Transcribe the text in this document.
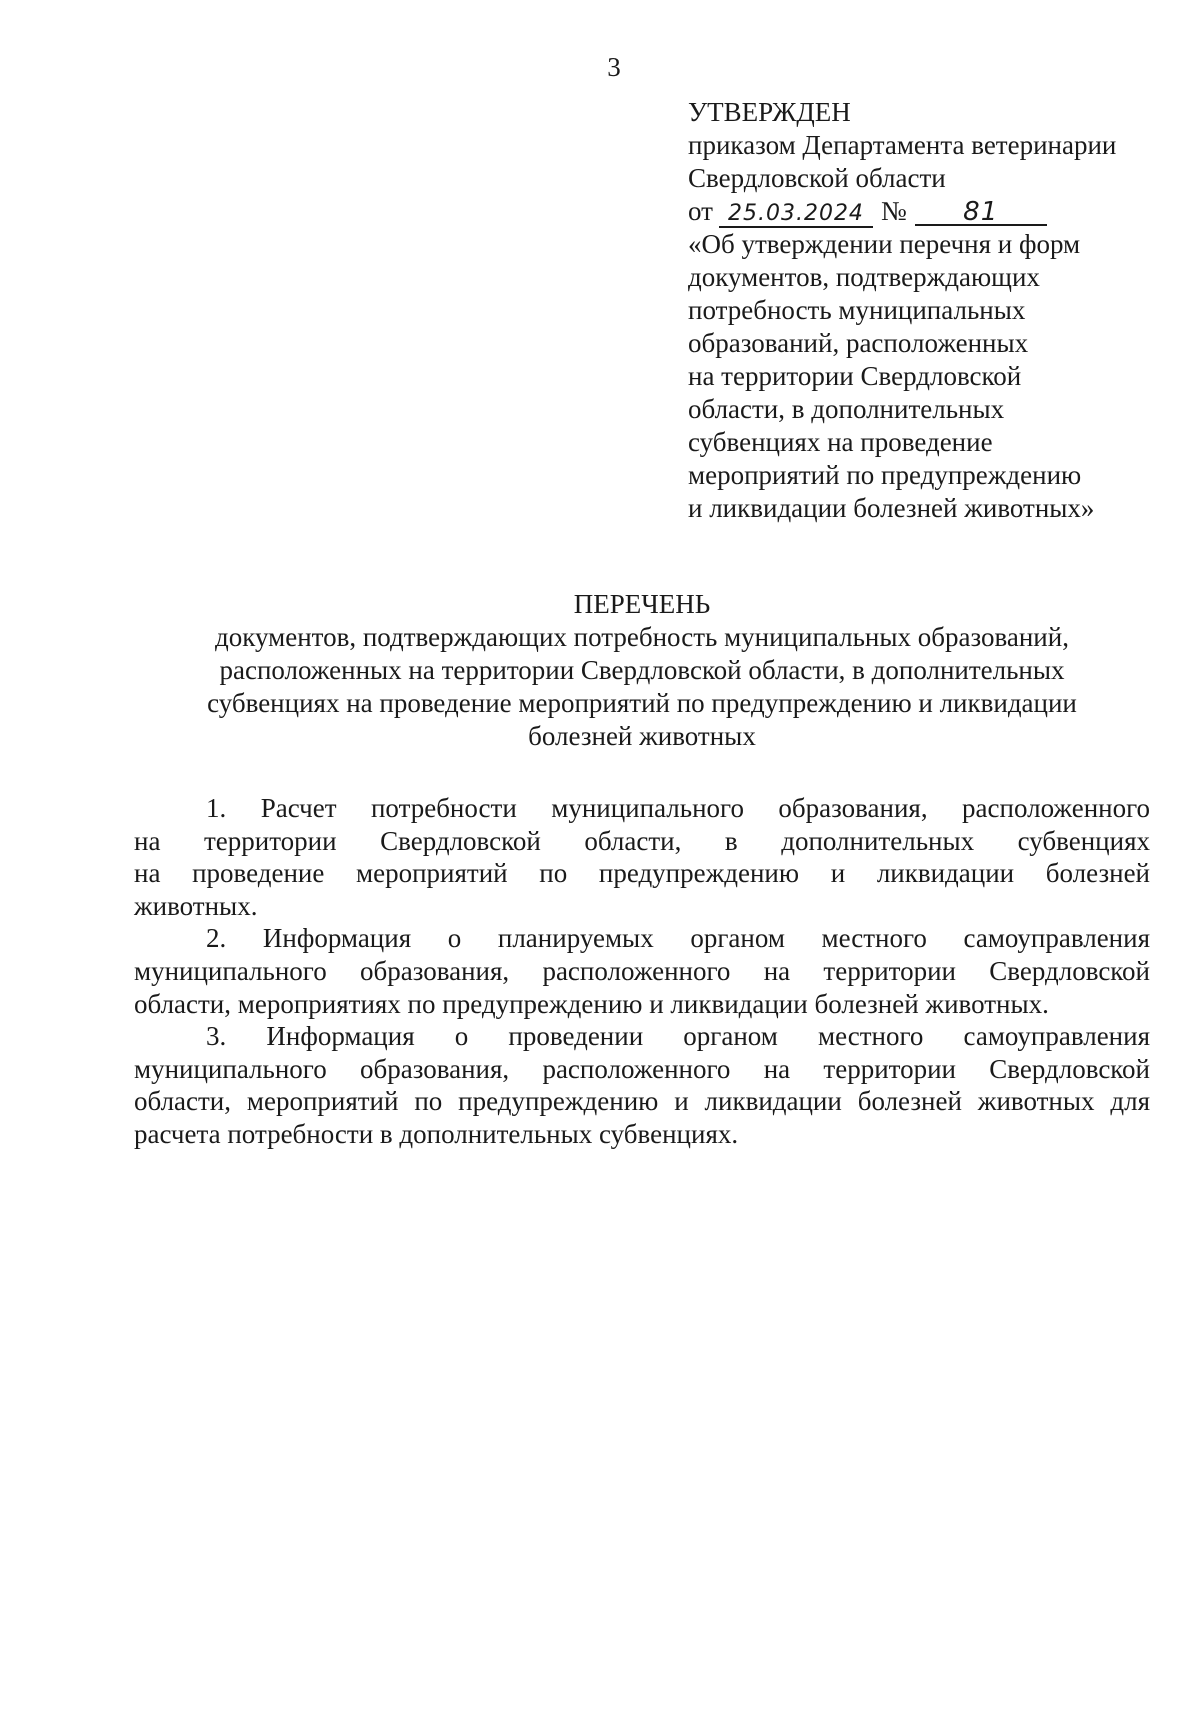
3
УТВЕРЖДЕН
приказом Департамента ветеринарии
Свердловской области
от 25.03.2024 №	81
«Об утверждении перечня и форм
документов, подтверждающих
потребность муниципальных
образований, расположенных
на территории Свердловской
области, в дополнительных
субвенциях на проведение
мероприятий по предупреждению
и ликвидации болезней животных»
ПЕРЕЧЕНЬ
документов, подтверждающих потребность муниципальных образований,
расположенных на территории Свердловской области, в дополнительных
субвенциях на проведение мероприятий по предупреждению и ликвидации
болезней животных
1. Расчет потребности муниципального образования, расположенного
на территории Свердловской области, в дополнительных субвенциях
на проведение мероприятий по предупреждению и ликвидации болезней
животных.
2. Информация о планируемых органом местного самоуправления
муниципального образования, расположенного на территории Свердловской
области, мероприятиях по предупреждению и ликвидации болезней животных.
3. Информация о проведении органом местного самоуправления
муниципального образования, расположенного на территории Свердловской
области, мероприятий по предупреждению и ликвидации болезней животных для
расчета потребности в дополнительных субвенциях.
